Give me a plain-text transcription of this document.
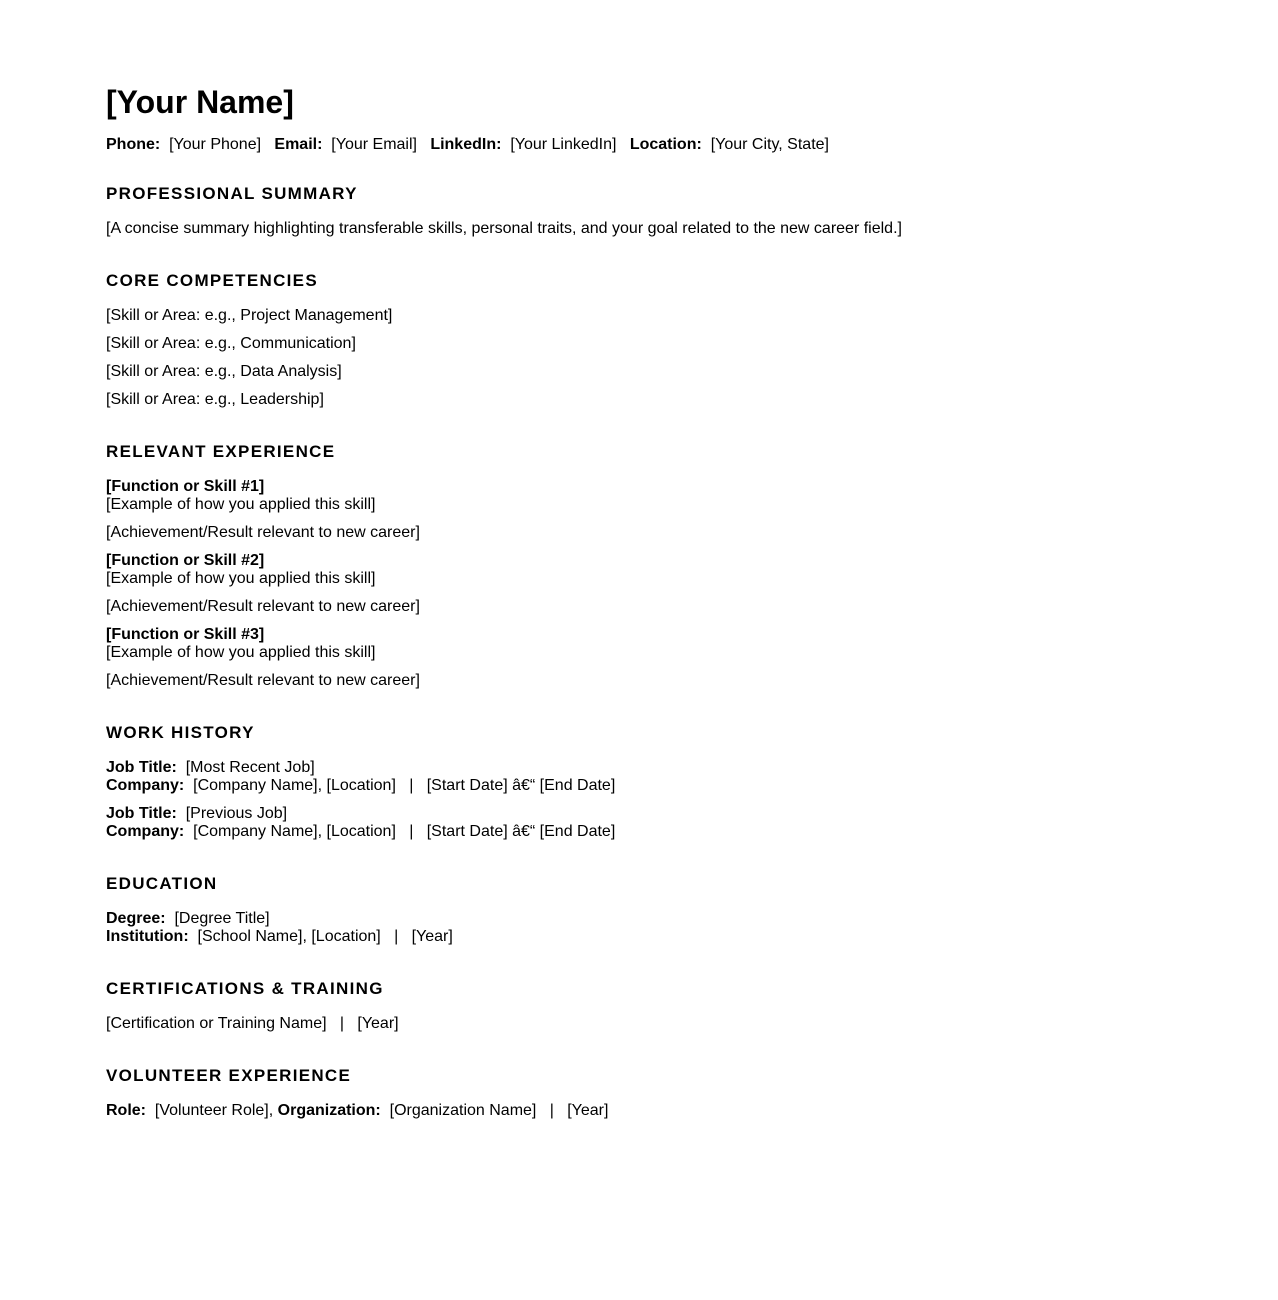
[Your Name]
Phone: [Your Phone] Email: [Your Email] LinkedIn: [Your LinkedIn] Location: [Your City, State]
PROFESSIONAL SUMMARY
[A concise summary highlighting transferable skills, personal traits, and your goal related to the new career field.]
CORE COMPETENCIES
[Skill or Area: e.g., Project Management]
[Skill or Area: e.g., Communication]
[Skill or Area: e.g., Data Analysis]
[Skill or Area: e.g., Leadership]
RELEVANT EXPERIENCE
[Function or Skill #1]
[Example of how you applied this skill]
[Achievement/Result relevant to new career]
[Function or Skill #2]
[Example of how you applied this skill]
[Achievement/Result relevant to new career]
[Function or Skill #3]
[Example of how you applied this skill]
[Achievement/Result relevant to new career]
WORK HISTORY
Job Title: [Most Recent Job]
Company: [Company Name], [Location] | [Start Date] â€“ [End Date]
Job Title: [Previous Job]
Company: [Company Name], [Location] | [Start Date] â€“ [End Date]
EDUCATION
Degree: [Degree Title]
Institution: [School Name], [Location] | [Year]
CERTIFICATIONS & TRAINING
[Certification or Training Name] | [Year]
VOLUNTEER EXPERIENCE
Role: [Volunteer Role], Organization: [Organization Name] | [Year]
